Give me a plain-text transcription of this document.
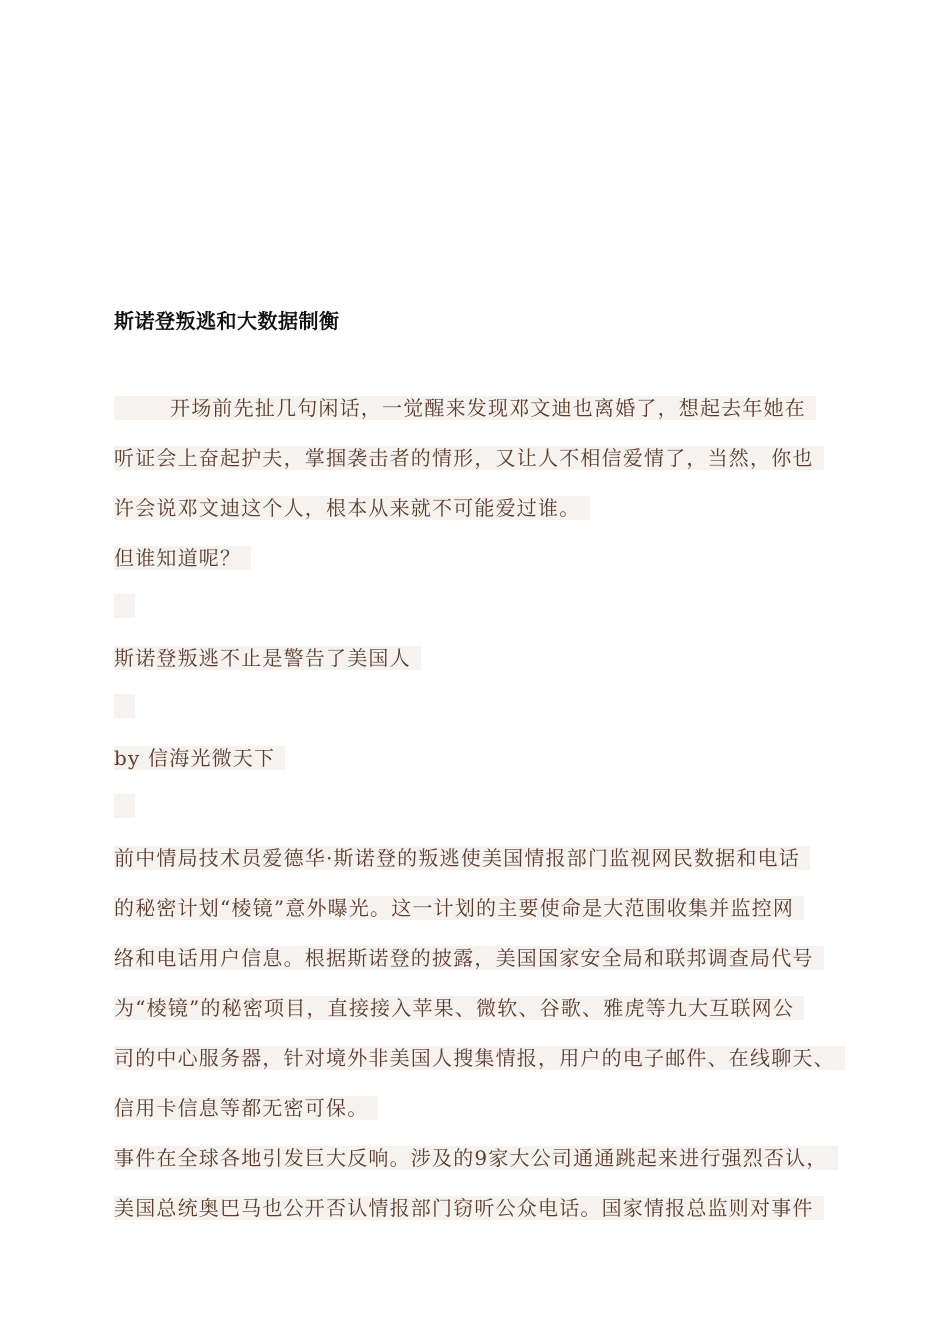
斯诺登叛逃和大数据制衡
开场前先扯几句闲话，一觉醒来发现邓文迪也离婚了，想起去年她在
听证会上奋起护夫，掌掴袭击者的情形，又让人不相信爱情了，当然，你也
许会说邓文迪这个人，根本从来就不可能爱过谁。
但谁知道呢？
斯诺登叛逃不止是警告了美国人
by 信海光微天下
前中情局技术员爱德华·斯诺登的叛逃使美国情报部门监视网民数据和电话
的秘密计划“棱镜”意外曝光。这一计划的主要使命是大范围收集并监控网
络和电话用户信息。根据斯诺登的披露，美国国家安全局和联邦调查局代号
为“棱镜”的秘密项目，直接接入苹果、微软、谷歌、雅虎等九大互联网公
司的中心服务器，针对境外非美国人搜集情报，用户的电子邮件、在线聊天、
信用卡信息等都无密可保。
事件在全球各地引发巨大反响。涉及的9家大公司通通跳起来进行强烈否认，
美国总统奥巴马也公开否认情报部门窃听公众电话。国家情报总监则对事件
